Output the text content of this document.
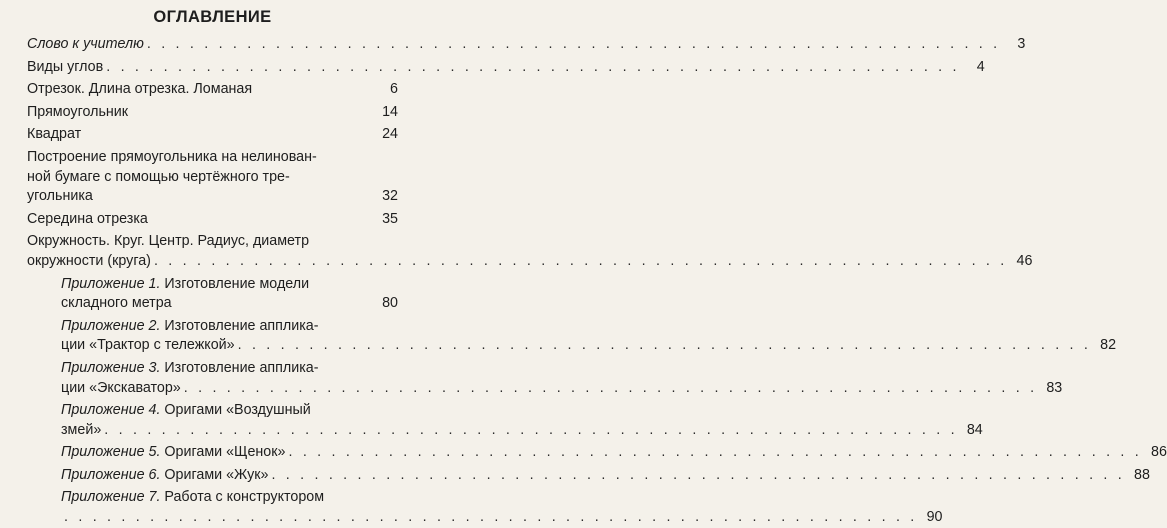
ОГЛАВЛЕНИЕ
Слово к учителю . . . . . . . . . . . . . . . . . . . . . . . . . . . . . . . . . . . . . . . . . . . . . . . . . . . . . . . . . . . .	3
Виды углов . . . . . . . . . . . . . . . . . . . . . . . . . . . . . . . . . . . . . . . . . . . . . . . . . . . . . . . . . . . .	4
Отрезок. Длина отрезка. Ломаная	6
Прямоугольник	14
Квадрат	24
Построение прямоугольника на нелинован-
ной бумаге с помощью чертёжного тре-
угольника	32
Середина отрезка	35
Окружность. Круг. Центр. Радиус, диаметр
окружности (круга) . . . . . . . . . . . . . . . . . . . . . . . . . . . . . . . . . . . . . . . . . . . . . . . . . . . . . . . . . . . . 46
Приложение 1. Изготовление модели
складного метра	80
Приложение 2. Изготовление апплика-
ции «Трактор с тележкой» . . . . . . . . . . . . . . . . . . . . . . . . . . . . . . . . . . . . . . . . . . . . . . . . . . . . . . . . . . . . 82
Приложение 3. Изготовление апплика-
ции «Экскаватор» . . . . . . . . . . . . . . . . . . . . . . . . . . . . . . . . . . . . . . . . . . . . . . . . . . . . . . . . . . . . 83
Приложение 4. Оригами «Воздушный
змей» . . . . . . . . . . . . . . . . . . . . . . . . . . . . . . . . . . . . . . . . . . . . . . . . . . . . . . . . . . . . 84
Приложение 5. Оригами «Щенок» . . . . . . . . . . . . . . . . . . . . . . . . . . . . . . . . . . . . . . . . . . . . . . . . . . . . . . . . . . . . 86
Приложение 6. Оригами «Жук» . . . . . . . . . . . . . . . . . . . . . . . . . . . . . . . . . . . . . . . . . . . . . . . . . . . . . . . . . . . . 88
Приложение 7. Работа с конструктором
. . . . . . . . . . . . . . . . . . . . . . . . . . . . . . . . . . . . . . . . . . . . . . . . . . . . . . . . . . . . 90
